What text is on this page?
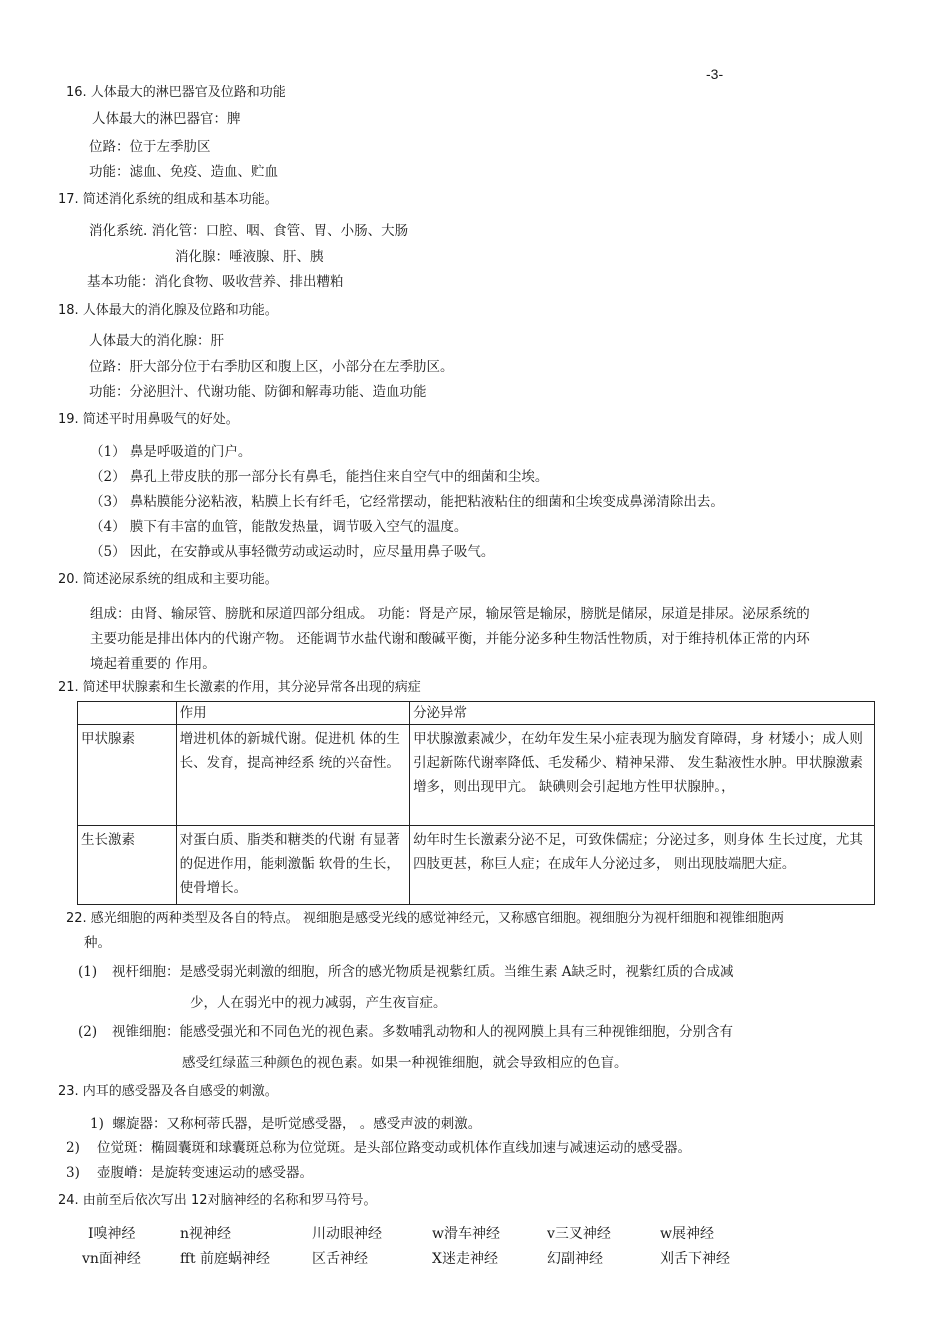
-3-
16. 人体最大的淋巴器官及位路和功能
人体最大的淋巴器官：脾
位路：位于左季肋区
功能：滤血、免疫、造血、贮血
17. 简述消化系统的组成和基本功能。
消化系统. 消化管：口腔、咽、食管、胃、小肠、大肠
消化腺：唾液腺、肝、胰
基本功能：消化食物、吸收营养、排出糟粕
18. 人体最大的消化腺及位路和功能。
人体最大的消化腺：肝
位路：肝大部分位于右季肋区和腹上区，小部分在左季肋区。
功能：分泌胆汁、代谢功能、防御和解毒功能、造血功能
19. 简述平时用鼻吸气的好处。
（1） 鼻是呼吸道的门户。
（2） 鼻孔上带皮肤的那一部分长有鼻毛，能挡住来自空气中的细菌和尘埃。
（3） 鼻粘膜能分泌粘液，粘膜上长有纤毛，它经常摆动，能把粘液粘住的细菌和尘埃变成鼻涕清除出去。
（4） 膜下有丰富的血管，能散发热量，调节吸入空气的温度。
（5） 因此，在安静或从事轻微劳动或运动时，应尽量用鼻子吸气。
20. 简述泌尿系统的组成和主要功能。
组成：由肾、输尿管、膀胱和尿道四部分组成。 功能：肾是产尿，输尿管是输尿，膀胱是储尿，尿道是排尿。泌尿系统的
主要功能是排出体内的代谢产物。 还能调节水盐代谢和酸碱平衡，并能分泌多种生物活性物质，对于维持机体正常的内环
境起着重要的 作用。
21. 简述甲状腺素和生长激素的作用，其分泌异常各出现的病症
	作用	分泌异常
甲状腺素	增进机体的新城代谢。促进机 体的生长、发育，提高神经系 统的兴奋性。	甲状腺激素减少，在幼年发生呆小症表现为脑发育障碍，身 材矮小；成人则引起新陈代谢率降低、毛发稀少、精神呆滞、 发生黏液性水肿。甲状腺激素增多，则出现甲亢。 缺碘则会引起地方性甲状腺肿。，
生长激素	对蛋白质、脂类和糖类的代谢 有显著的促进作用，能刺激骺 软骨的生长，使骨增长。	幼年时生长激素分泌不足，可致侏儒症；分泌过多，则身体 生长过度，尤其四肢更甚，称巨人症；在成年人分泌过多， 则出现肢端肥大症。
22. 感光细胞的两种类型及各自的特点。 视细胞是感受光线的感觉神经元，又称感官细胞。视细胞分为视杆细胞和视锥细胞两
种。
(1) 视杆细胞：是感受弱光刺激的细胞，所含的感光物质是视紫红质。当维生素 A缺乏时，视紫红质的合成减
少，人在弱光中的视力减弱，产生夜盲症。
(2) 视锥细胞：能感受强光和不同色光的视色素。多数哺乳动物和人的视网膜上具有三种视锥细胞，分别含有
感受红绿蓝三种颜色的视色素。如果一种视锥细胞，就会导致相应的色盲。
23. 内耳的感受器及各自感受的刺激。
1) 螺旋器：又称柯蒂氏器，是听觉感受器， 。感受声波的刺激。
2) 位觉斑：椭圆囊斑和球囊斑总称为位觉斑。是头部位路变动或机体作直线加速与减速运动的感受器。
3) 壶腹嵴：是旋转变速运动的感受器。
24. 由前至后依次写出 12对脑神经的名称和罗马符号。
I嗅神经	n视神经	川动眼神经	w滑车神经	v三叉神经	w展神经
vn面神经	fft 前庭蜗神经	区舌神经	X迷走神经	幻副神经	刈舌下神经
